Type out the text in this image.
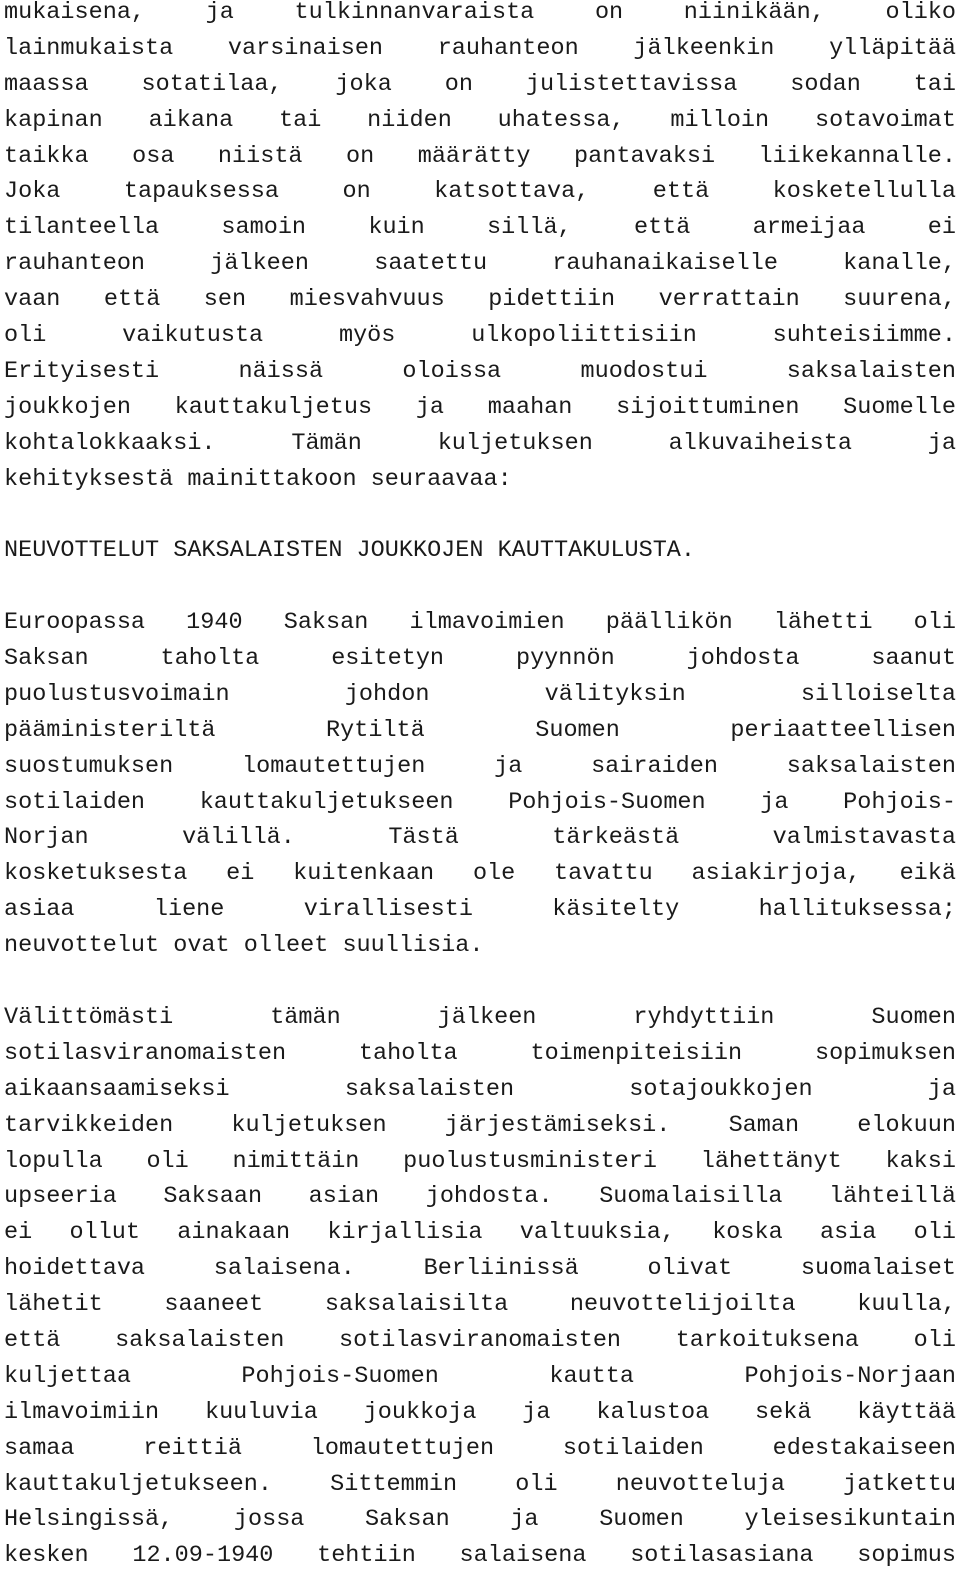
mukaisena, ja tulkinnanvaraista on niinikään, oliko
lainmukaista varsinaisen rauhanteon jälkeenkin ylläpitää
maassa sotatilaa, joka on julistettavissa sodan tai
kapinan aikana tai niiden uhatessa, milloin sotavoimat
taikka osa niistä on määrätty pantavaksi liikekannalle.
Joka tapauksessa on katsottava, että kosketellulla
tilanteella samoin kuin sillä, että armeijaa ei
rauhanteon jälkeen saatettu rauhanaikaiselle kanalle,
vaan että sen miesvahvuus pidettiin verrattain suurena,
oli vaikutusta myös ulkopoliittisiin suhteisiimme.
Erityisesti näissä oloissa muodostui saksalaisten
joukkojen kauttakuljetus ja maahan sijoittuminen Suomelle
kohtalokkaaksi. Tämän kuljetuksen alkuvaiheista ja
kehityksestä mainittakoon seuraavaa:
NEUVOTTELUT SAKSALAISTEN JOUKKOJEN KAUTTAKULUSTA.
Euroopassa 1940 Saksan ilmavoimien päällikön lähetti oli
Saksan taholta esitetyn pyynnön johdosta saanut
puolustusvoimain johdon välityksin silloiselta
pääministeriltä Rytiltä Suomen periaatteellisen
suostumuksen lomautettujen ja sairaiden saksalaisten
sotilaiden kauttakuljetukseen Pohjois-Suomen ja Pohjois-
Norjan välillä. Tästä tärkeästä valmistavasta
kosketuksesta ei kuitenkaan ole tavattu asiakirjoja, eikä
asiaa liene virallisesti käsitelty hallituksessa;
neuvottelut ovat olleet suullisia.
Välittömästi tämän jälkeen ryhdyttiin Suomen
sotilasviranomaisten taholta toimenpiteisiin sopimuksen
aikaansaamiseksi saksalaisten sotajoukkojen ja
tarvikkeiden kuljetuksen järjestämiseksi. Saman elokuun
lopulla oli nimittäin puolustusministeri lähettänyt kaksi
upseeria Saksaan asian johdosta. Suomalaisilla lähteillä
ei ollut ainakaan kirjallisia valtuuksia, koska asia oli
hoidettava salaisena. Berliinissä olivat suomalaiset
lähetit saaneet saksalaisilta neuvottelijoilta kuulla,
että saksalaisten sotilasviranomaisten tarkoituksena oli
kuljettaa Pohjois-Suomen kautta Pohjois-Norjaan
ilmavoimiin kuuluvia joukkoja ja kalustoa sekä käyttää
samaa reittiä lomautettujen sotilaiden edestakaiseen
kauttakuljetukseen. Sittemmin oli neuvotteluja jatkettu
Helsingissä, jossa Saksan ja Suomen yleisesikuntain
kesken 12.09-1940 tehtiin salaisena sotilasasiana sopimus
